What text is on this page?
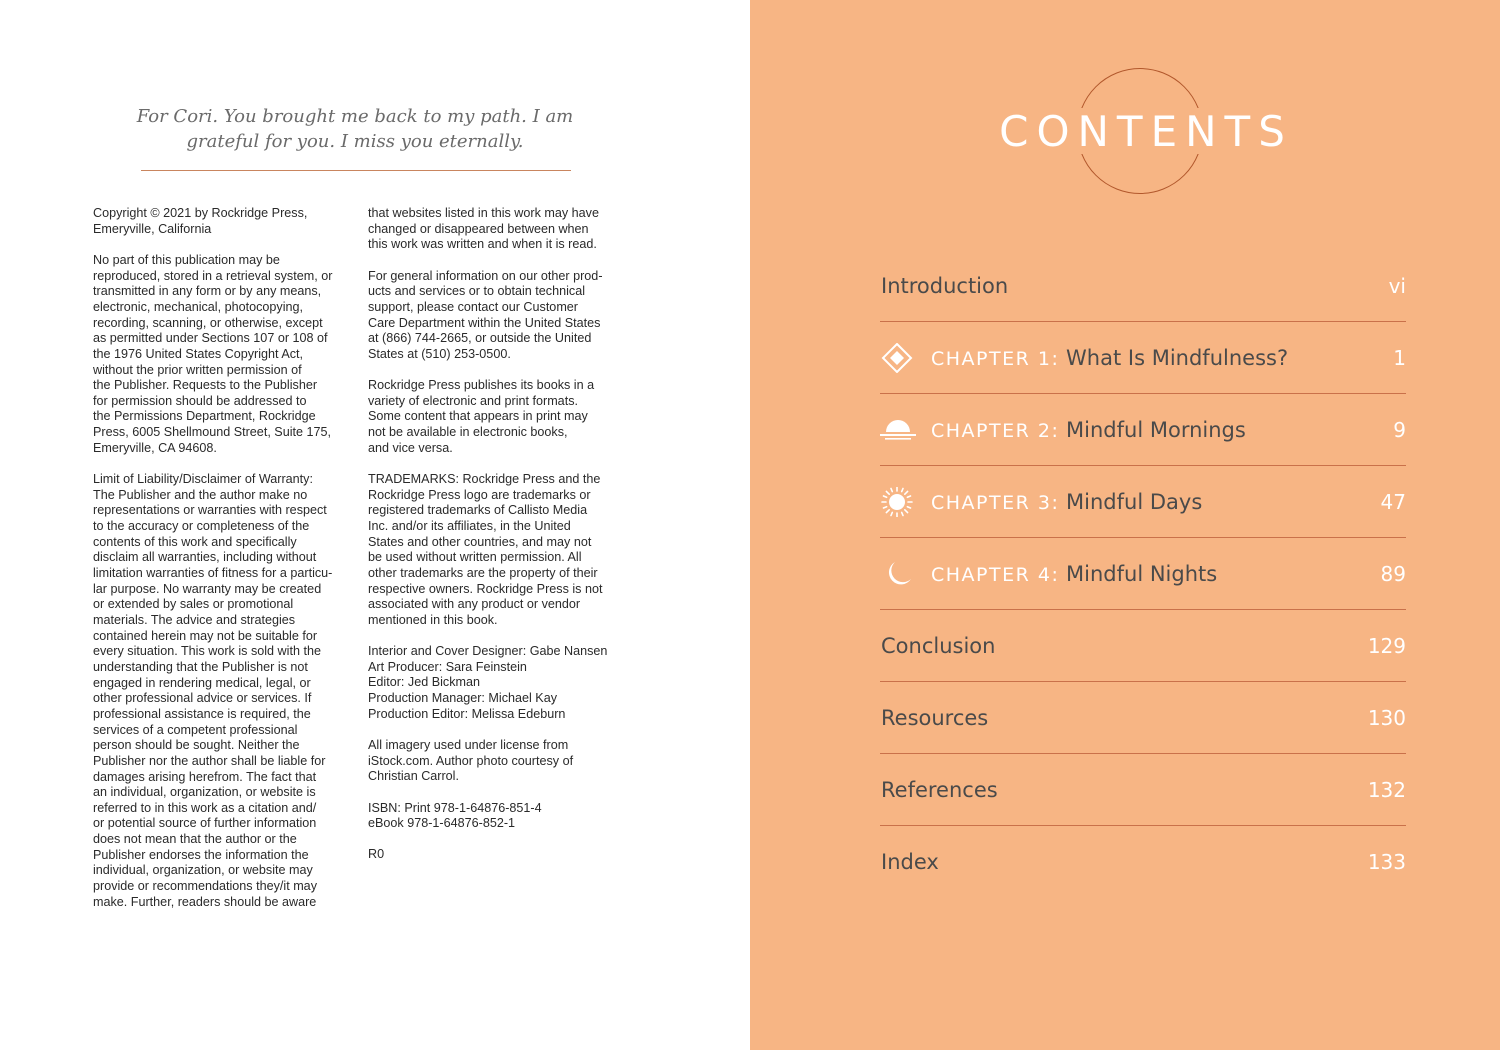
For Cori. You brought me back to my path. I am
grateful for you. I miss you eternally.

Copyright © 2021 by Rockridge Press,
Emeryville, California

No part of this publication may be
reproduced, stored in a retrieval system, or
transmitted in any form or by any means,
electronic, mechanical, photocopying,
recording, scanning, or otherwise, except
as permitted under Sections 107 or 108 of
the 1976 United States Copyright Act,
without the prior written permission of
the Publisher. Requests to the Publisher
for permission should be addressed to
the Permissions Department, Rockridge
Press, 6005 Shellmound Street, Suite 175,
Emeryville, CA 94608.

Limit of Liability/Disclaimer of Warranty:
The Publisher and the author make no
representations or warranties with respect
to the accuracy or completeness of the
contents of this work and specifically
disclaim all warranties, including without
limitation warranties of fitness for a particu-
lar purpose. No warranty may be created
or extended by sales or promotional
materials. The advice and strategies
contained herein may not be suitable for
every situation. This work is sold with the
understanding that the Publisher is not
engaged in rendering medical, legal, or
other professional advice or services. If
professional assistance is required, the
services of a competent professional
person should be sought. Neither the
Publisher nor the author shall be liable for
damages arising herefrom. The fact that
an individual, organization, or website is
referred to in this work as a citation and/
or potential source of further information
does not mean that the author or the
Publisher endorses the information the
individual, organization, or website may
provide or recommendations they/it may
make. Further, readers should be aware

that websites listed in this work may have
changed or disappeared between when
this work was written and when it is read.

For general information on our other prod-
ucts and services or to obtain technical
support, please contact our Customer
Care Department within the United States
at (866) 744-2665, or outside the United
States at (510) 253-0500.

Rockridge Press publishes its books in a
variety of electronic and print formats.
Some content that appears in print may
not be available in electronic books,
and vice versa.

TRADEMARKS: Rockridge Press and the
Rockridge Press logo are trademarks or
registered trademarks of Callisto Media
Inc. and/or its affiliates, in the United
States and other countries, and may not
be used without written permission. All
other trademarks are the property of their
respective owners. Rockridge Press is not
associated with any product or vendor
mentioned in this book.

Interior and Cover Designer: Gabe Nansen
Art Producer: Sara Feinstein
Editor: Jed Bickman
Production Manager: Michael Kay
Production Editor: Melissa Edeburn

All imagery used under license from
iStock.com. Author photo courtesy of
Christian Carrol.

ISBN: Print 978-1-64876-851-4
eBook 978-1-64876-852-1

R0

CONTENTS
Introduction	vi
CHAPTER 1: What Is Mindfulness?	1
CHAPTER 2: Mindful Mornings	9
CHAPTER 3: Mindful Days	47
CHAPTER 4: Mindful Nights	89
Conclusion	129
Resources	130
References	132
Index	133
